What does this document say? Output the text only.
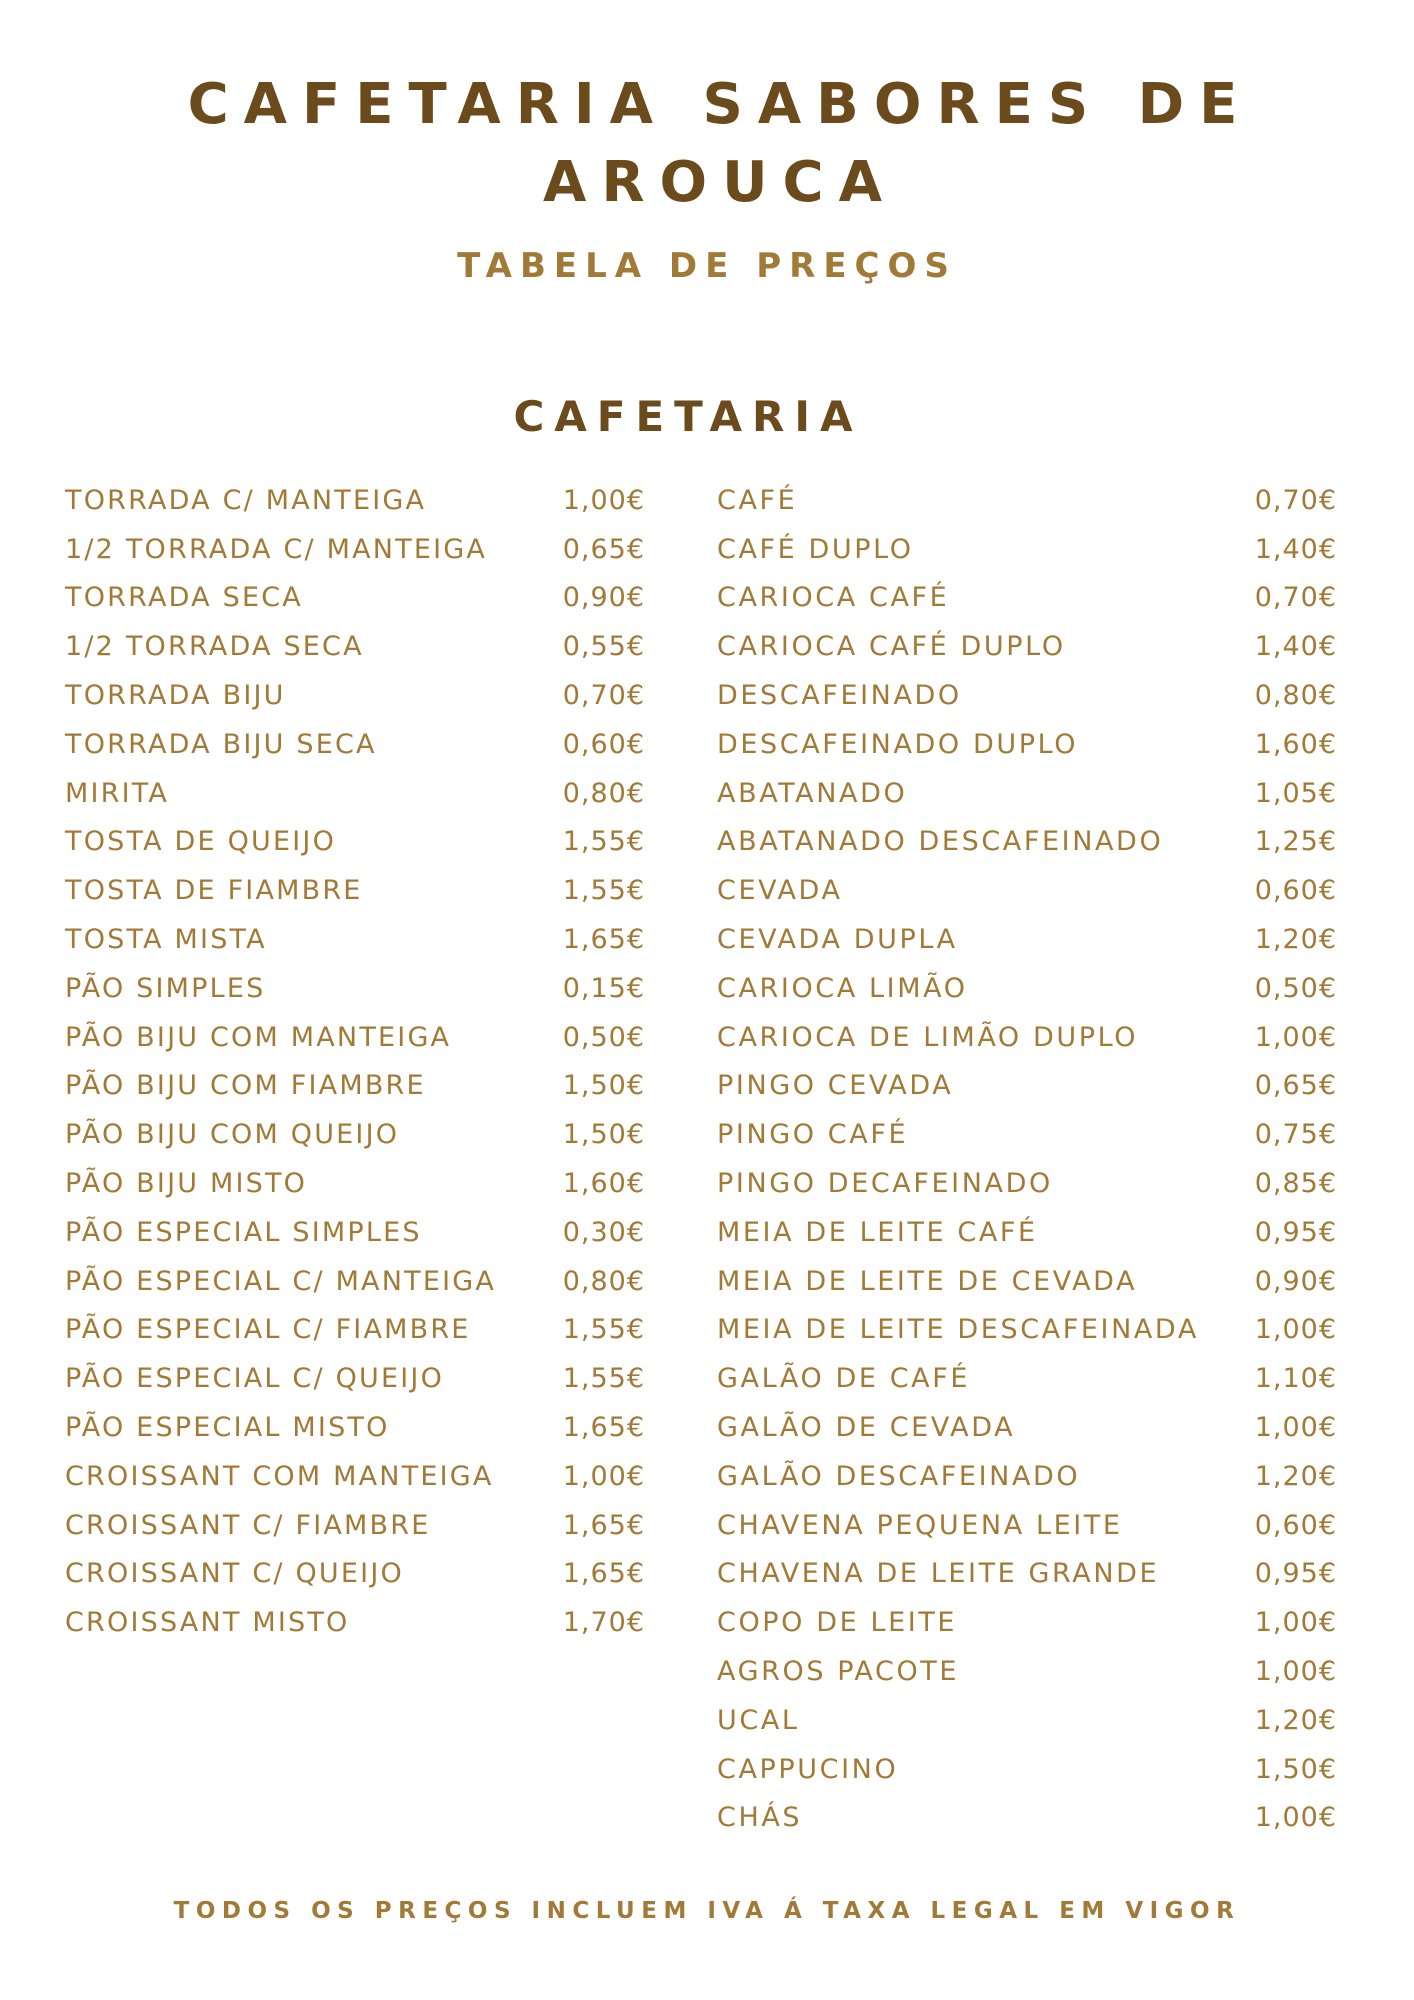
CAFETARIA SABORES DE
AROUCA
TABELA DE PREÇOS
CAFETARIA
TORRADA C/ MANTEIGA	1,00€
1/2 TORRADA C/ MANTEIGA	0,65€
TORRADA SECA	0,90€
1/2 TORRADA SECA	0,55€
TORRADA BIJU	0,70€
TORRADA BIJU SECA	0,60€
MIRITA	0,80€
TOSTA DE QUEIJO	1,55€
TOSTA DE FIAMBRE	1,55€
TOSTA MISTA	1,65€
PÃO SIMPLES	0,15€
PÃO BIJU COM MANTEIGA	0,50€
PÃO BIJU COM FIAMBRE	1,50€
PÃO BIJU COM QUEIJO	1,50€
PÃO BIJU MISTO	1,60€
PÃO ESPECIAL SIMPLES	0,30€
PÃO ESPECIAL C/ MANTEIGA 0,80€
PÃO ESPECIAL C/ FIAMBRE	1,55€
PÃO ESPECIAL C/ QUEIJO	1,55€
PÃO ESPECIAL MISTO	1,65€
CROISSANT COM MANTEIGA	1,00€
CROISSANT C/ FIAMBRE	1,65€
CROISSANT C/ QUEIJO	1,65€
CROISSANT MISTO	1,70€
CAFÉ	0,70€
CAFÉ DUPLO	1,40€
CARIOCA CAFÉ	0,70€
CARIOCA CAFÉ DUPLO	1,40€
DESCAFEINADO	0,80€
DESCAFEINADO DUPLO	1,60€
ABATANADO	1,05€
ABATANADO DESCAFEINADO	1,25€
CEVADA	0,60€
CEVADA DUPLA	1,20€
CARIOCA LIMÃO	0,50€
CARIOCA DE LIMÃO DUPLO	1,00€
PINGO CEVADA	0,65€
PINGO CAFÉ	0,75€
PINGO DECAFEINADO	0,85€
MEIA DE LEITE CAFÉ	0,95€
MEIA DE LEITE DE CEVADA	0,90€
MEIA DE LEITE DESCAFEINADA 1,00€
GALÃO DE CAFÉ	1,10€
GALÃO DE CEVADA	1,00€
GALÃO DESCAFEINADO	1,20€
CHAVENA PEQUENA LEITE	0,60€
CHAVENA DE LEITE GRANDE	0,95€
COPO DE LEITE	1,00€
AGROS PACOTE	1,00€
UCAL	1,20€
CAPPUCINO	1,50€
CHÁS	1,00€

TODOS OS PREÇOS INCLUEM IVA Á TAXA LEGAL EM VIGOR
